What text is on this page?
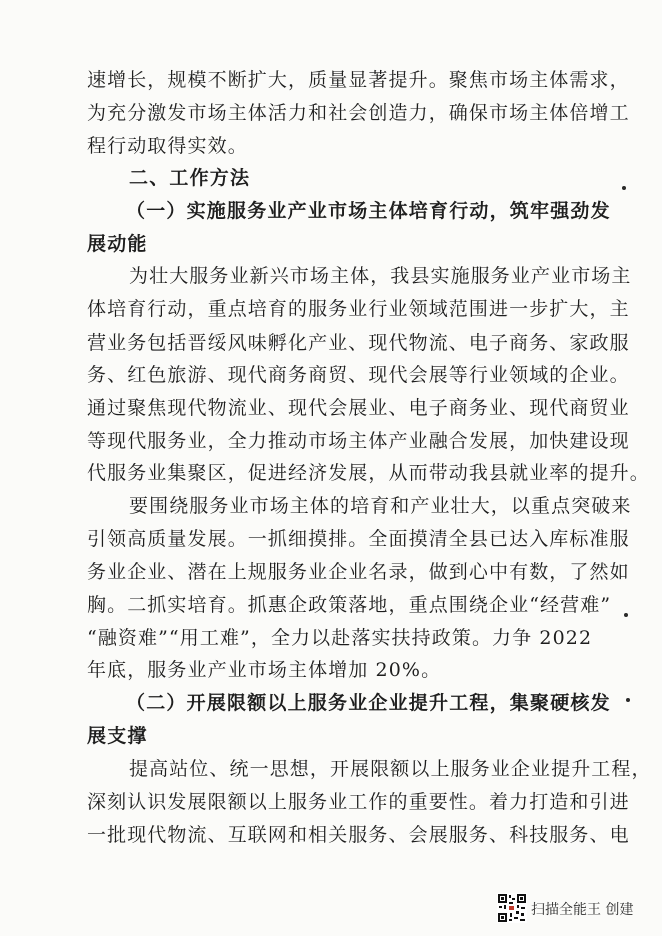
速增长，规模不断扩大，质量显著提升。聚焦市场主体需求，
为充分激发市场主体活力和社会创造力，确保市场主体倍增工
程行动取得实效。
二、工作方法
（一）实施服务业产业市场主体培育行动，筑牢强劲发
展动能
为壮大服务业新兴市场主体，我县实施服务业产业市场主
体培育行动，重点培育的服务业行业领域范围进一步扩大，主
营业务包括晋绥风味孵化产业、现代物流、电子商务、家政服
务、红色旅游、现代商务商贸、现代会展等行业领域的企业。
通过聚焦现代物流业、现代会展业、电子商务业、现代商贸业
等现代服务业，全力推动市场主体产业融合发展，加快建设现
代服务业集聚区，促进经济发展，从而带动我县就业率的提升。
要围绕服务业市场主体的培育和产业壮大，以重点突破来
引领高质量发展。一抓细摸排。全面摸清全县已达入库标准服
务业企业、潜在上规服务业企业名录，做到心中有数，了然如
胸。二抓实培育。抓惠企政策落地，重点围绕企业“经营难”
“融资难”“用工难”，全力以赴落实扶持政策。力争 2022
年底，服务业产业市场主体增加 20%。
（二）开展限额以上服务业企业提升工程，集聚硬核发
展支撑
提高站位、统一思想，开展限额以上服务业企业提升工程，
深刻认识发展限额以上服务业工作的重要性。着力打造和引进
一批现代物流、互联网和相关服务、会展服务、科技服务、电
扫描全能王 创建
